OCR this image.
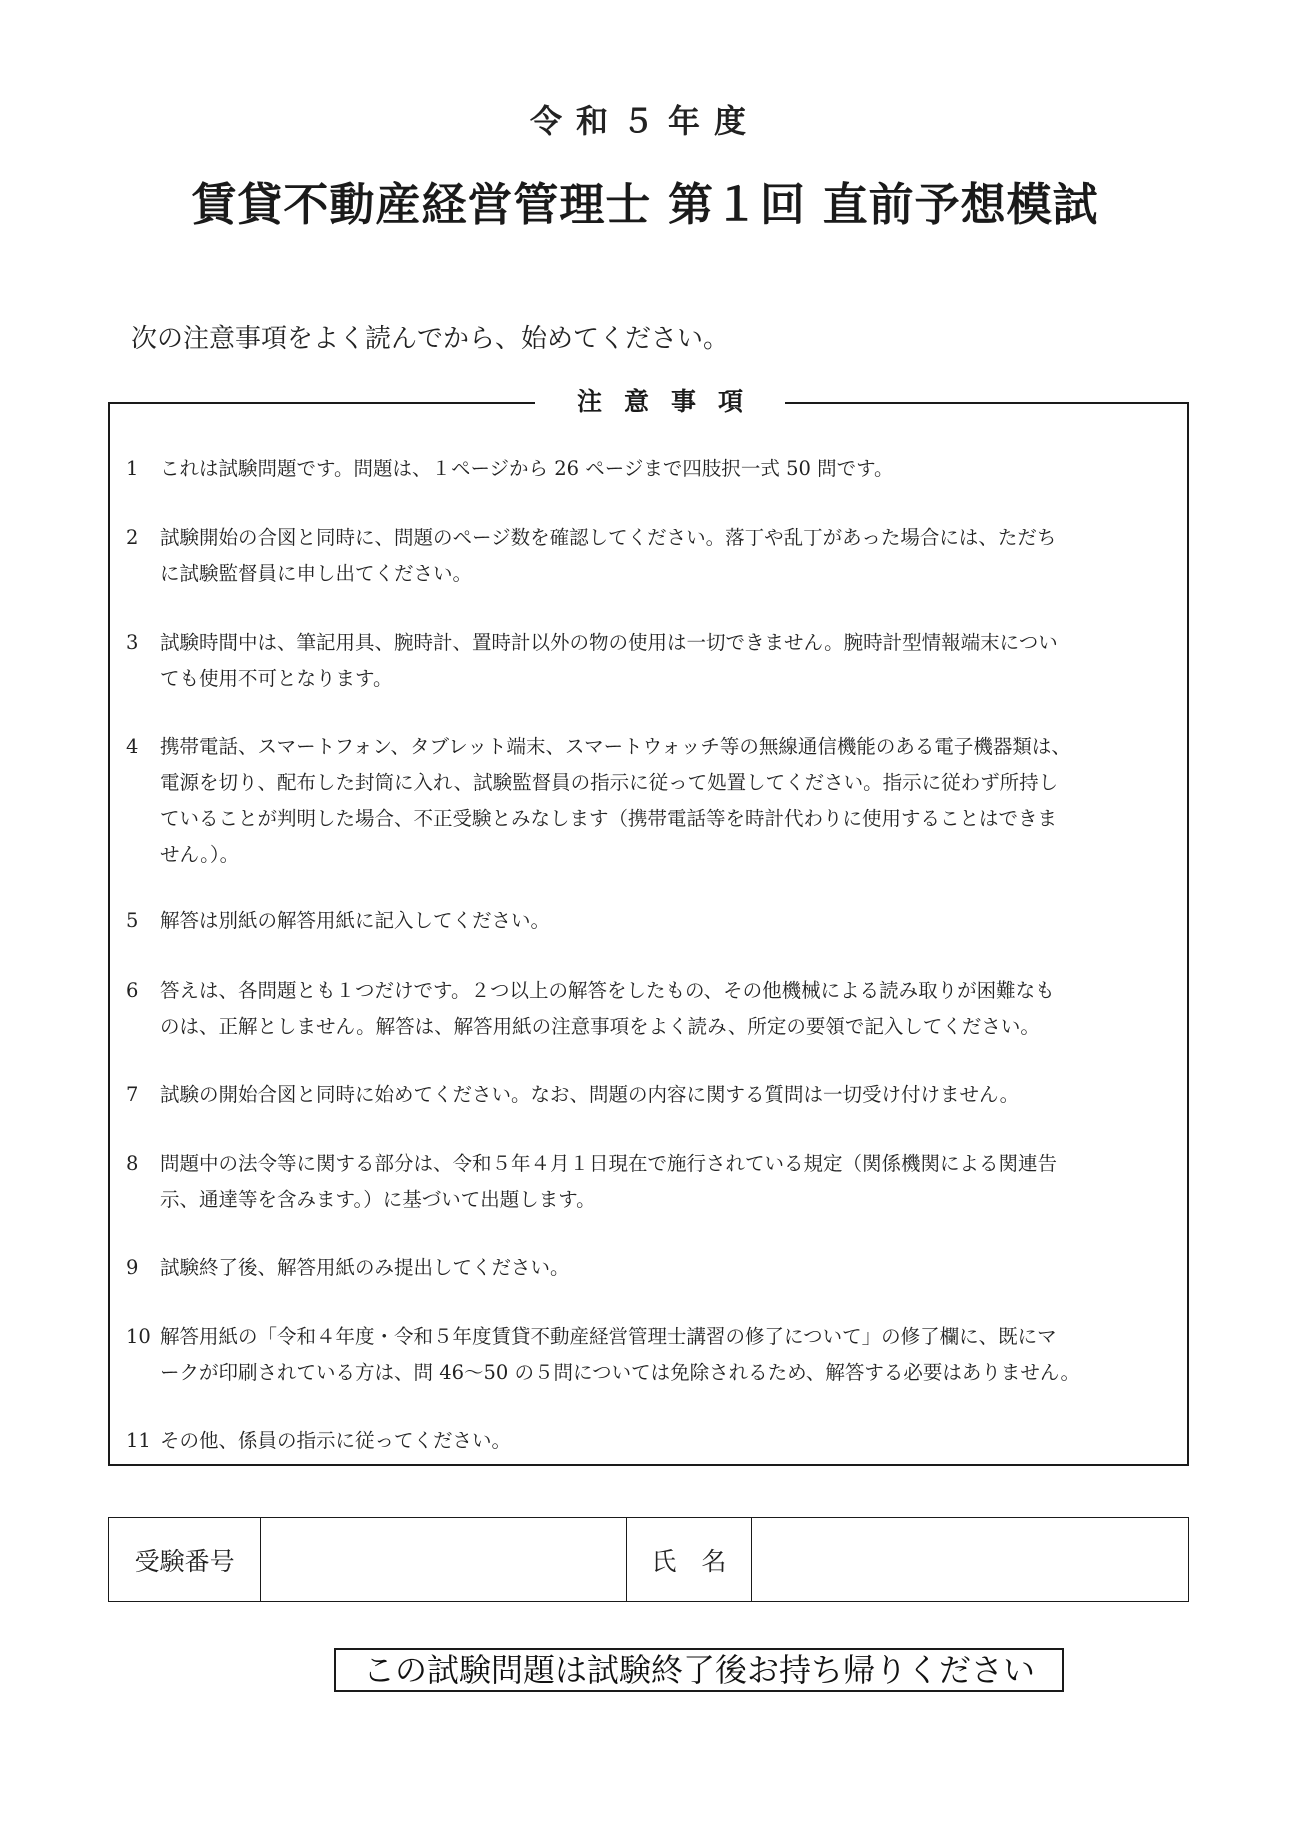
令和５年度
賃貸不動産経営管理士 第１回 直前予想模試
次の注意事項をよく読んでから、始めてください。
注意事項
1	これは試験問題です。問題は、１ページから 26 ページまで四肢択一式 50 問です。
2	試験開始の合図と同時に、問題のページ数を確認してください。落丁や乱丁があった場合には、ただち
に試験監督員に申し出てください。
3	試験時間中は、筆記用具、腕時計、置時計以外の物の使用は一切できません。腕時計型情報端末につい
ても使用不可となります。
4	携帯電話、スマートフォン、タブレット端末、スマートウォッチ等の無線通信機能のある電子機器類は、
電源を切り、配布した封筒に入れ、試験監督員の指示に従って処置してください。指示に従わず所持し
ていることが判明した場合、不正受験とみなします（携帯電話等を時計代わりに使用することはできま
せん。）。
5	解答は別紙の解答用紙に記入してください。
6	答えは、各問題とも１つだけです。２つ以上の解答をしたもの、その他機械による読み取りが困難なも
のは、正解としません。解答は、解答用紙の注意事項をよく読み、所定の要領で記入してください。
7	試験の開始合図と同時に始めてください。なお、問題の内容に関する質問は一切受け付けません。
8	問題中の法令等に関する部分は、令和５年４月１日現在で施行されている規定（関係機関による関連告
示、通達等を含みます。）に基づいて出題します。
9	試験終了後、解答用紙のみ提出してください。
10 解答用紙の「令和４年度・令和５年度賃貸不動産経営管理士講習の修了について」の修了欄に、既にマ
ークが印刷されている方は、問 46〜50 の５問については免除されるため、解答する必要はありません。
11 その他、係員の指示に従ってください。
受験番号		氏　名	
この試験問題は試験終了後お持ち帰りください
